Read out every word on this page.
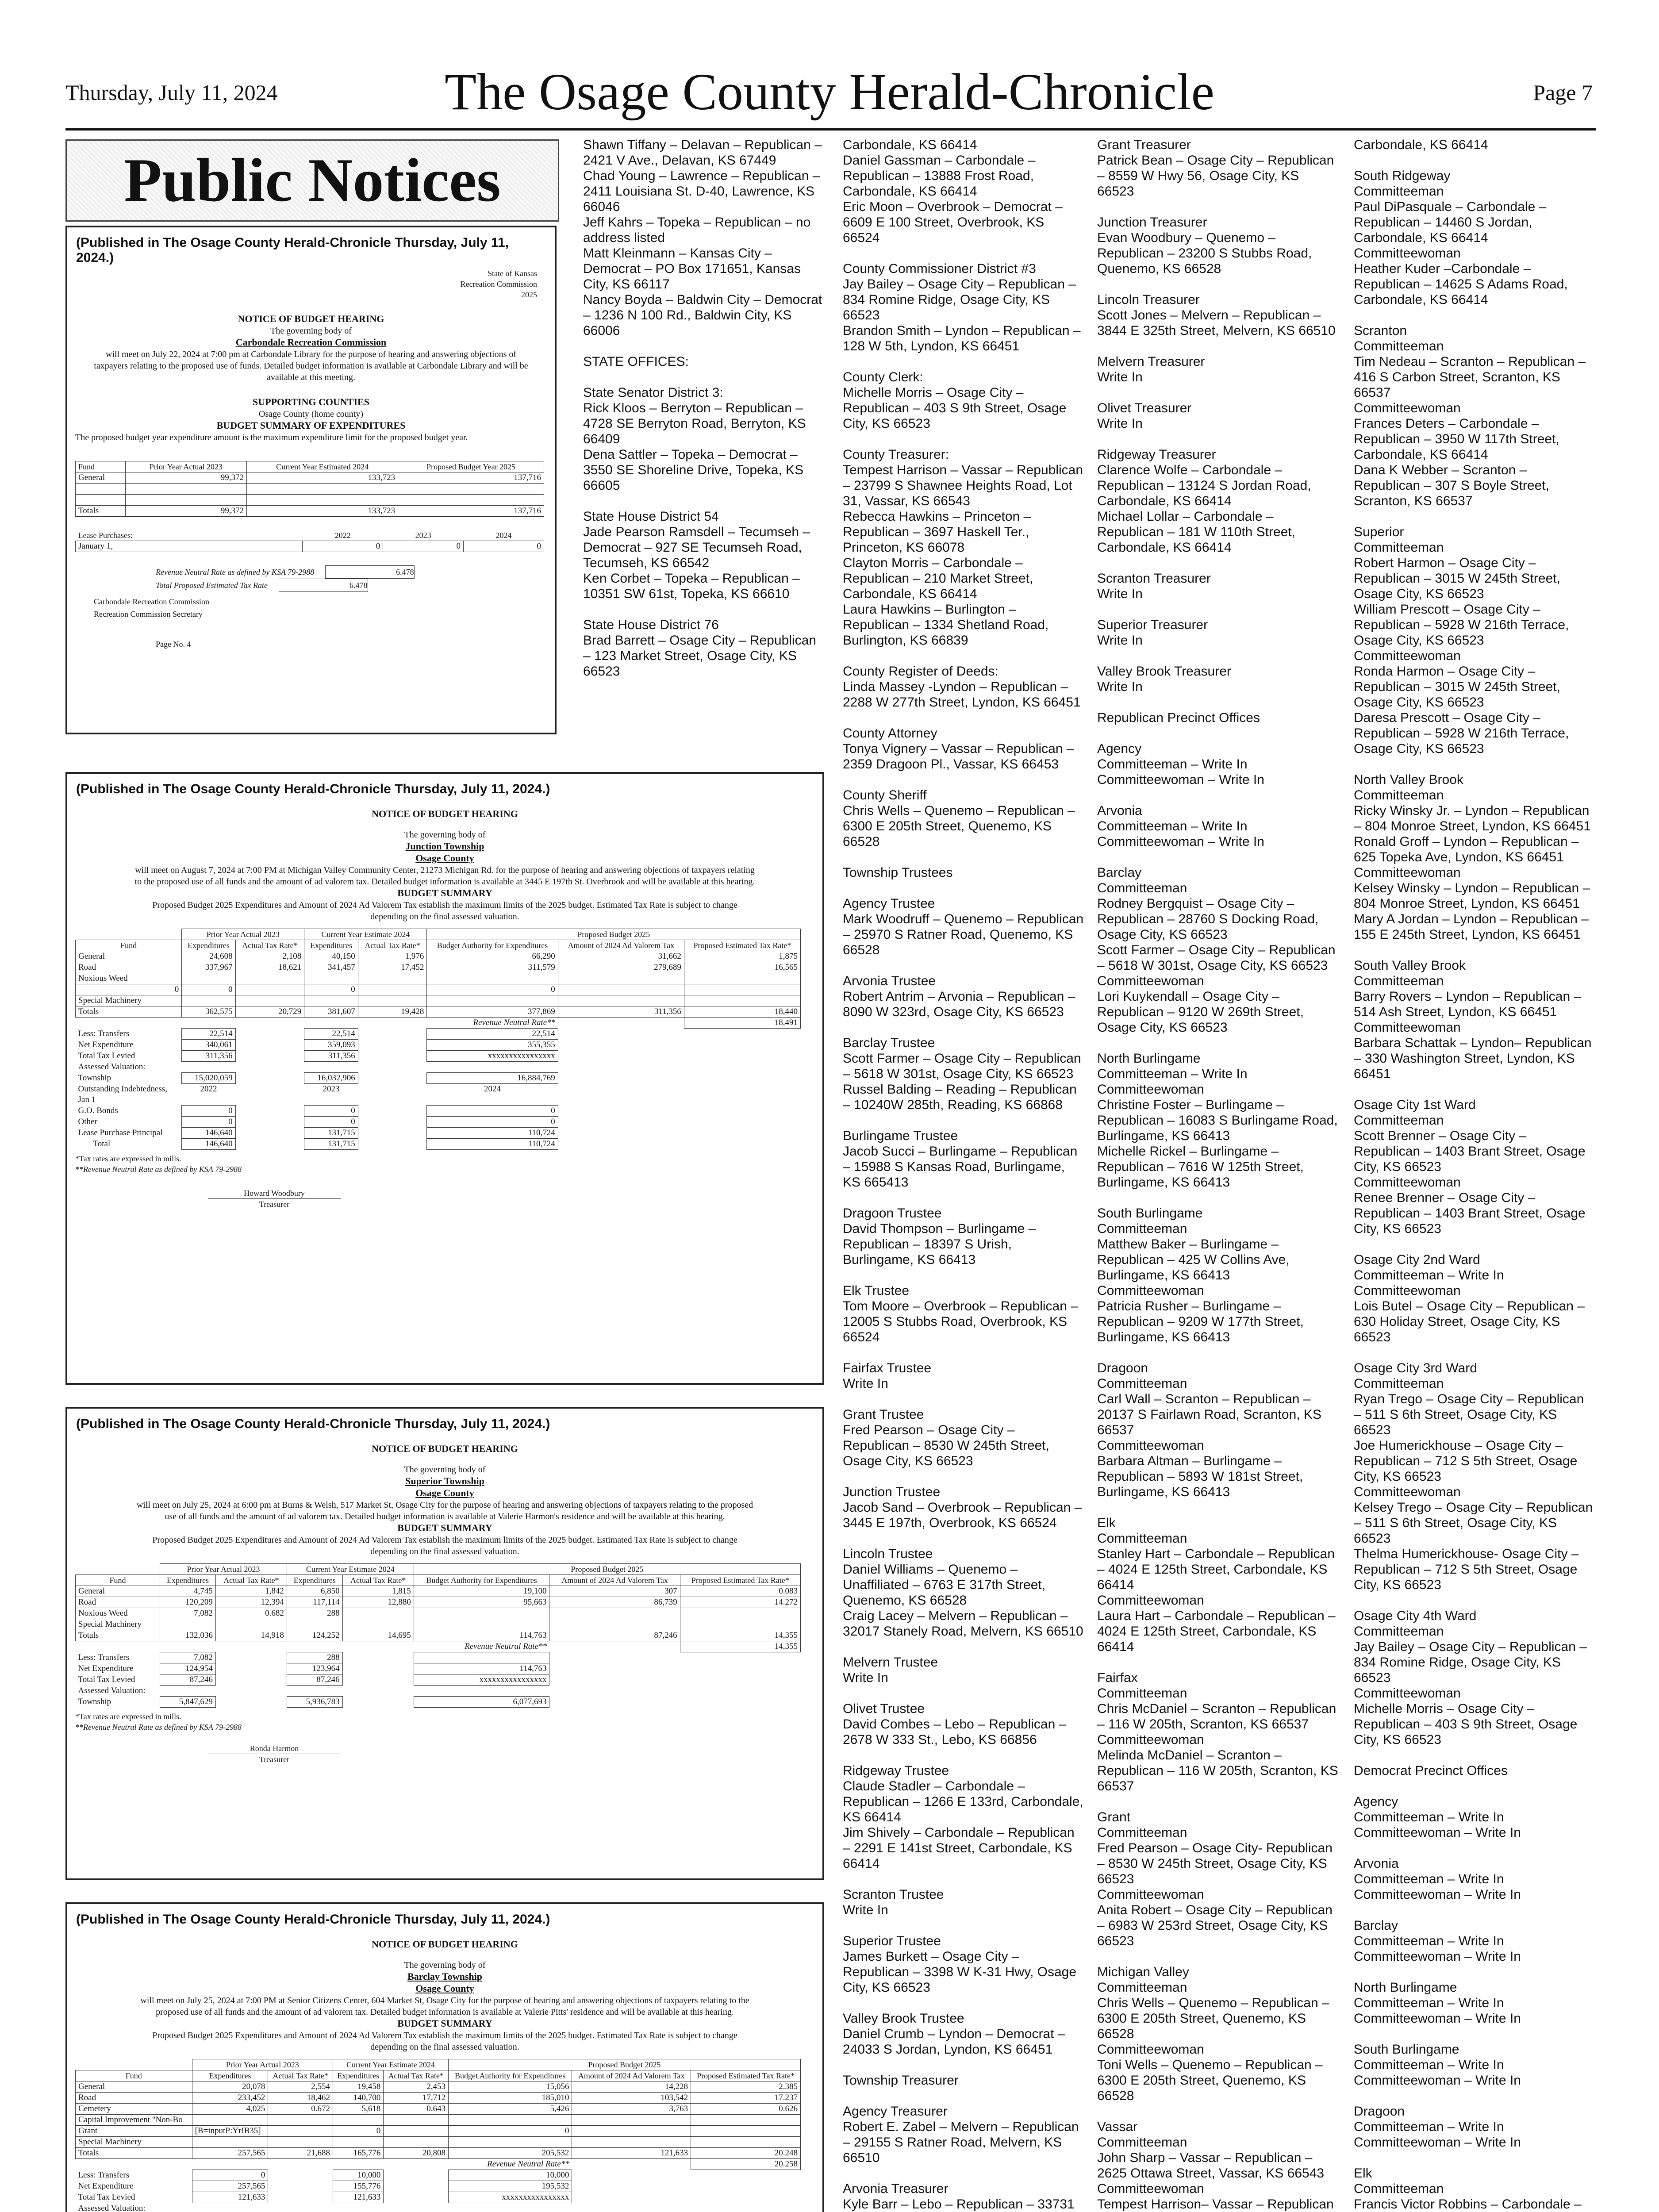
Thursday, July 11, 2024	The Osage County Herald-Chronicle	Page 7
Public Notices
(Published in The Osage County Herald-Chronicle Thursday, July 11, 2024.)
State of Kansas
Recreation Commission
2025
NOTICE OF BUDGET HEARING
The governing body of
Carbondale Recreation Commission
will meet on July 22, 2024 at 7:00 pm at Carbondale Library for the purpose of hearing and answering objections of taxpayers relating to the proposed use of funds. Detailed budget information is available at Carbondale Library and will be available at this meeting.
SUPPORTING COUNTIES
Osage County (home county)
BUDGET SUMMARY OF EXPENDITURES
The proposed budget year expenditure amount is the maximum expenditure limit for the proposed budget year.
Fund	Prior Year Actual 2023	Current Year Estimated 2024	Proposed Budget Year 2025
General	99,372	133,723	137,716

Totals	99,372	133,723	137,716
Lease Purchases:	2022	2023	2024
January 1,	0	0	0
Revenue Neutral Rate as defined by KSA 79-2988	6.478
Total Proposed Estimated Tax Rate	6.478
Carbondale Recreation Commission
Recreation Commission Secretary
Page No. 4
(Published in The Osage County Herald-Chronicle Thursday, July 11, 2024.)
NOTICE OF BUDGET HEARING
The governing body of
Junction Township
Osage County
will meet on August 7, 2024 at 7:00 PM at Michigan Valley Community Center, 21273 Michigan Rd. for the purpose of hearing and answering objections of taxpayers relating to the proposed use of all funds and the amount of ad valorem tax. Detailed budget information is available at 3445 E 197th St. Overbrook and will be available at this hearing.
BUDGET SUMMARY
Proposed Budget 2025 Expenditures and Amount of 2024 Ad Valorem Tax establish the maximum limits of the 2025 budget. Estimated Tax Rate is subject to change depending on the final assessed valuation.
	Prior Year Actual 2023		Current Year Estimate 2024		Proposed Budget 2025		
Fund	Expenditures	Actual Tax Rate*	Expenditures	Actual Tax Rate*	Budget Authority for Expenditures	Amount of 2024 Ad Valorem Tax	Proposed Estimated Tax Rate*
General	24,608	2,108	40,150	1,976	66,290	31,662	1,875
Road	337,967	18,621	341,457	17,452	311,579	279,689	16,565
Noxious Weed							
0	0		0		0		
Special Machinery							
Totals	362,575	20,729	381,607	19,428	377,869	311,356	18,440
Revenue Neutral Rate**							18,491
Less: Transfers	22,514		22,514		22,514		
Net Expenditure	340,061		359,093		355,355		
Total Tax Levied	311,356		311,356		xxxxxxxxxxxxxxxx		
Assessed Valuation:							
Township	15,020,059		16,032,906		16,884,769		
Outstanding Indebtedness,	2022		2023		2024		
Jan 1							
G.O. Bonds	0		0		0		
Other	0		0		0		
Lease Purchase Principal	146,640		131,715		110,724		
Total	146,640		131,715		110,724		
*Tax rates are expressed in mills.
**Revenue Neutral Rate as defined by KSA 79-2988
Howard Woodbury
Treasurer
(Published in The Osage County Herald-Chronicle Thursday, July 11, 2024.)
NOTICE OF BUDGET HEARING
The governing body of
Superior Township
Osage County
will meet on July 25, 2024 at 6:00 pm at Burns & Welsh, 517 Market St, Osage City for the purpose of hearing and answering objections of taxpayers relating to the proposed use of all funds and the amount of ad valorem tax. Detailed budget information is available at Valerie Harmon's residence and will be available at this hearing.
BUDGET SUMMARY
Proposed Budget 2025 Expenditures and Amount of 2024 Ad Valorem Tax establish the maximum limits of the 2025 budget. Estimated Tax Rate is subject to change depending on the final assessed valuation.
	Prior Year Actual 2023		Current Year Estimate 2024		Proposed Budget 2025		
Fund	Expenditures	Actual Tax Rate*	Expenditures	Actual Tax Rate*	Budget Authority for Expenditures	Amount of 2024 Ad Valorem Tax	Proposed Estimated Tax Rate*
General	4,745	1,842	6,850	1,815	19,100	307	0.083
Road	120,209	12,394	117,114	12,880	95,663	86,739	14.272
Noxious Weed	7,082	0.682	288				
Special Machinery							
Totals	132,036	14,918	124,252	14,695	114,763	87,246	14,355
Revenue Neutral Rate**							14,355
Less: Transfers	7,082		288				
Net Expenditure	124,954		123,964		114,763		
Total Tax Levied	87,246		87,246		xxxxxxxxxxxxxxxx		
Assessed Valuation:							
Township	5,847,629		5,936,783		6,077,693		
*Tax rates are expressed in mills.
**Revenue Neutral Rate as defined by KSA 79-2988
Ronda Harmon
Treasurer
(Published in The Osage County Herald-Chronicle Thursday, July 11, 2024.)
NOTICE OF BUDGET HEARING
The governing body of
Barclay Township
Osage County
will meet on July 25, 2024 at 7:00 PM at Senior Citizens Center, 604 Market St, Osage City for the purpose of hearing and answering objections of taxpayers relating to the proposed use of all funds and the amount of ad valorem tax. Detailed budget information is available at Valerie Pitts' residence and will be available at this hearing.
BUDGET SUMMARY
Proposed Budget 2025 Expenditures and Amount of 2024 Ad Valorem Tax establish the maximum limits of the 2025 budget. Estimated Tax Rate is subject to change depending on the final assessed valuation.
	Prior Year Actual 2023		Current Year Estimate 2024		Proposed Budget 2025		
Fund	Expenditures	Actual Tax Rate*	Expenditures	Actual Tax Rate*	Budget Authority for Expenditures	Amount of 2024 Ad Valorem Tax	Proposed Estimated Tax Rate*
General	20,078	2,554	19,458	2,453	15,056	14,228	2.385
Road	233,452	18,462	140,700	17,712	185,010	103,542	17.237
Cemetery	4,025	0.672	5,618	0.643	5,426	3,763	0.626
Capital Improvement "Non-Bo							
Grant	[B=inputP:Yr!B35]		0		0		
Special Machinery							
Totals	257,565	21,688	165,776	20,808	205,532	121,633	20.248
Revenue Neutral Rate**							20.258
Less: Transfers	0		10,000		10,000		
Net Expenditure	257,565		155,776		195,532		
Total Tax Levied	121,633		121,633		xxxxxxxxxxxxxxxx		
Assessed Valuation:							

Shawn Tiffany – Delavan – Republican – 2421 V Ave., Delavan, KS 67449
Chad Young – Lawrence – Republican – 2411 Louisiana St. D-40, Lawrence, KS 66046
Jeff Kahrs – Topeka – Republican – no address listed
Matt Kleinmann – Kansas City – Democrat – PO Box 171651, Kansas City, KS 66117
Nancy Boyda – Baldwin City – Democrat – 1236 N 100 Rd., Baldwin City, KS 66006

STATE OFFICES:

State Senator District 3:
Rick Kloos – Berryton – Republican – 4728 SE Berryton Road, Berryton, KS 66409
Dena Sattler – Topeka – Democrat – 3550 SE Shoreline Drive, Topeka, KS 66605

State House District 54
Jade Pearson Ramsdell – Tecumseh – Democrat – 927 SE Tecumseh Road, Tecumseh, KS 66542
Ken Corbet – Topeka – Republican – 10351 SW 61st, Topeka, KS 66610

State House District 76
Brad Barrett – Osage City – Republican – 123 Market Street, Osage City, KS 66523
Carbondale, KS 66414
Daniel Gassman – Carbondale – Republican – 13888 Frost Road, Carbondale, KS 66414
Eric Moon – Overbrook – Democrat – 6609 E 100 Street, Overbrook, KS 66524

County Commissioner District #3
Jay Bailey – Osage City – Republican – 834 Romine Ridge, Osage City, KS 66523
Brandon Smith – Lyndon – Republican – 128 W 5th, Lyndon, KS 66451

County Clerk:
Michelle Morris – Osage City – Republican – 403 S 9th Street, Osage City, KS 66523

County Treasurer:
Tempest Harrison – Vassar – Republican – 23799 S Shawnee Heights Road, Lot 31, Vassar, KS 66543
Rebecca Hawkins – Princeton – Republican – 3697 Haskell Ter., Princeton, KS 66078
Clayton Morris – Carbondale – Republican – 210 Market Street, Carbondale, KS 66414
Laura Hawkins – Burlington – Republican – 1334 Shetland Road, Burlington, KS 66839

County Register of Deeds:
Linda Massey -Lyndon – Republican – 2288 W 277th Street, Lyndon, KS 66451

County Attorney
Tonya Vignery – Vassar – Republican – 2359 Dragoon Pl., Vassar, KS 66453

County Sheriff
Chris Wells – Quenemo – Republican – 6300 E 205th Street, Quenemo, KS 66528

Township Trustees

Agency Trustee
Mark Woodruff – Quenemo – Republican – 25970 S Ratner Road, Quenemo, KS 66528

Arvonia Trustee
Robert Antrim – Arvonia – Republican – 8090 W 323rd, Osage City, KS 66523

Barclay Trustee
Scott Farmer – Osage City – Republican – 5618 W 301st, Osage City, KS 66523
Russel Balding – Reading – Republican – 10240W 285th, Reading, KS 66868

Burlingame Trustee
Jacob Succi – Burlingame – Republican – 15988 S Kansas Road, Burlingame, KS 665413

Dragoon Trustee
David Thompson – Burlingame – Republican – 18397 S Urish, Burlingame, KS 66413

Elk Trustee
Tom Moore – Overbrook – Republican – 12005 S Stubbs Road, Overbrook, KS 66524

Fairfax Trustee
Write In

Grant Trustee
Fred Pearson – Osage City – Republican – 8530 W 245th Street, Osage City, KS 66523

Junction Trustee
Jacob Sand – Overbrook – Republican – 3445 E 197th, Overbrook, KS 66524

Lincoln Trustee
Daniel Williams – Quenemo – Unaffiliated – 6763 E 317th Street, Quenemo, KS 66528
Craig Lacey – Melvern – Republican – 32017 Stanely Road, Melvern, KS 66510

Melvern Trustee
Write In

Olivet Trustee
David Combes – Lebo – Republican – 2678 W 333 St., Lebo, KS 66856

Ridgeway Trustee
Claude Stadler – Carbondale – Republican – 1266 E 133rd, Carbondale, KS 66414
Jim Shively – Carbondale – Republican – 2291 E 141st Street, Carbondale, KS 66414

Scranton Trustee
Write In

Superior Trustee
James Burkett – Osage City – Republican – 3398 W K-31 Hwy, Osage City, KS 66523

Valley Brook Trustee
Daniel Crumb – Lyndon – Democrat – 24033 S Jordan, Lyndon, KS 66451

Township Treasurer

Agency Treasurer
Robert E. Zabel – Melvern – Republican – 29155 S Ratner Road, Melvern, KS 66510

Arvonia Treasurer
Kyle Barr – Lebo – Republican – 33731

Grant Treasurer
Patrick Bean – Osage City – Republican – 8559 W Hwy 56, Osage City, KS 66523

Junction Treasurer
Evan Woodbury – Quenemo – Republican – 23200 S Stubbs Road, Quenemo, KS 66528

Lincoln Treasurer
Scott Jones – Melvern – Republican – 3844 E 325th Street, Melvern, KS 66510

Melvern Treasurer
Write In

Olivet Treasurer
Write In

Ridgeway Treasurer
Clarence Wolfe – Carbondale – Republican – 13124 S Jordan Road, Carbondale, KS 66414
Michael Lollar – Carbondale – Republican – 181 W 110th Street, Carbondale, KS 66414

Scranton Treasurer
Write In

Superior Treasurer
Write In

Valley Brook Treasurer
Write In

Republican Precinct Offices

Agency
Committeeman – Write In
Committeewoman – Write In

Arvonia
Committeeman – Write In
Committeewoman – Write In

Barclay
Committeeman
Rodney Bergquist – Osage City – Republican – 28760 S Docking Road, Osage City, KS 66523
Scott Farmer – Osage City – Republican – 5618 W 301st, Osage City, KS 66523
Committeewoman
Lori Kuykendall – Osage City – Republican – 9120 W 269th Street, Osage City, KS 66523

North Burlingame
Committeeman – Write In
Committeewoman
Christine Foster – Burlingame – Republican – 16083 S Burlingame Road, Burlingame, KS 66413
Michelle Rickel – Burlingame – Republican – 7616 W 125th Street, Burlingame, KS 66413

South Burlingame
Committeeman
Matthew Baker – Burlingame – Republican – 425 W Collins Ave, Burlingame, KS 66413
Committeewoman
Patricia Rusher – Burlingame – Republican – 9209 W 177th Street, Burlingame, KS 66413

Dragoon
Committeeman
Carl Wall – Scranton – Republican – 20137 S Fairlawn Road, Scranton, KS 66537
Committeewoman
Barbara Altman – Burlingame – Republican – 5893 W 181st Street, Burlingame, KS 66413

Elk
Committeeman
Stanley Hart – Carbondale – Republican – 4024 E 125th Street, Carbondale, KS 66414
Committeewoman
Laura Hart – Carbondale – Republican – 4024 E 125th Street, Carbondale, KS 66414

Fairfax
Committeeman
Chris McDaniel – Scranton – Republican – 116 W 205th, Scranton, KS 66537
Committeewoman
Melinda McDaniel – Scranton – Republican – 116 W 205th, Scranton, KS 66537

Grant
Committeeman
Fred Pearson – Osage City- Republican – 8530 W 245th Street, Osage City, KS 66523
Committeewoman
Anita Robert – Osage City – Republican – 6983 W 253rd Street, Osage City, KS 66523

Michigan Valley
Committeeman
Chris Wells – Quenemo – Republican – 6300 E 205th Street, Quenemo, KS 66528
Committeewoman
Toni Wells – Quenemo – Republican – 6300 E 205th Street, Quenemo, KS 66528

Vassar
Committeeman
John Sharp – Vassar – Republican – 2625 Ottawa Street, Vassar, KS 66543
Committeewoman
Tempest Harrison– Vassar – Republican

Carbondale, KS 66414

South Ridgeway
Committeeman
Paul DiPasquale – Carbondale – Republican – 14460 S Jordan, Carbondale, KS 66414
Committeewoman
Heather Kuder –Carbondale – Republican – 14625 S Adams Road, Carbondale, KS 66414

Scranton
Committeeman
Tim Nedeau – Scranton – Republican – 416 S Carbon Street, Scranton, KS 66537
Committeewoman
Frances Deters – Carbondale – Republican – 3950 W 117th Street, Carbondale, KS 66414
Dana K Webber – Scranton – Republican – 307 S Boyle Street, Scranton, KS 66537

Superior
Committeeman
Robert Harmon – Osage City – Republican – 3015 W 245th Street, Osage City, KS 66523
William Prescott – Osage City – Republican – 5928 W 216th Terrace, Osage City, KS 66523
Committeewoman
Ronda Harmon – Osage City – Republican – 3015 W 245th Street, Osage City, KS 66523
Daresa Prescott – Osage City – Republican – 5928 W 216th Terrace, Osage City, KS 66523

North Valley Brook
Committeeman
Ricky Winsky Jr. – Lyndon – Republican – 804 Monroe Street, Lyndon, KS 66451
Ronald Groff – Lyndon – Republican – 625 Topeka Ave, Lyndon, KS 66451
Committeewoman
Kelsey Winsky – Lyndon – Republican – 804 Monroe Street, Lyndon, KS 66451
Mary A Jordan – Lyndon – Republican – 155 E 245th Street, Lyndon, KS 66451

South Valley Brook
Committeeman
Barry Rovers – Lyndon – Republican – 514 Ash Street, Lyndon, KS 66451
Committeewoman
Barbara Schattak – Lyndon– Republican – 330 Washington Street, Lyndon, KS 66451

Osage City 1st Ward
Committeeman
Scott Brenner – Osage City – Republican – 1403 Brant Street, Osage City, KS 66523
Committeewoman
Renee Brenner – Osage City – Republican – 1403 Brant Street, Osage City, KS 66523

Osage City 2nd Ward
Committeeman – Write In
Committeewoman
Lois Butel – Osage City – Republican – 630 Holiday Street, Osage City, KS 66523

Osage City 3rd Ward
Committeeman
Ryan Trego – Osage City – Republican – 511 S 6th Street, Osage City, KS 66523
Joe Humerickhouse – Osage City – Republican – 712 S 5th Street, Osage City, KS 66523
Committeewoman
Kelsey Trego – Osage City – Republican – 511 S 6th Street, Osage City, KS 66523
Thelma Humerickhouse- Osage City – Republican – 712 S 5th Street, Osage City, KS 66523

Osage City 4th Ward
Committeeman
Jay Bailey – Osage City – Republican – 834 Romine Ridge, Osage City, KS 66523
Committeewoman
Michelle Morris – Osage City – Republican – 403 S 9th Street, Osage City, KS 66523

Democrat Precinct Offices

Agency
Committeeman – Write In
Committeewoman – Write In

Arvonia
Committeeman – Write In
Committeewoman – Write In

Barclay
Committeeman – Write In
Committeewoman – Write In

North Burlingame
Committeeman – Write In
Committeewoman – Write In

South Burlingame
Committeeman – Write In
Committeewoman – Write In

Dragoon
Committeeman – Write In
Committeewoman – Write In

Elk
Committeeman
Francis Victor Robbins – Carbondale –
